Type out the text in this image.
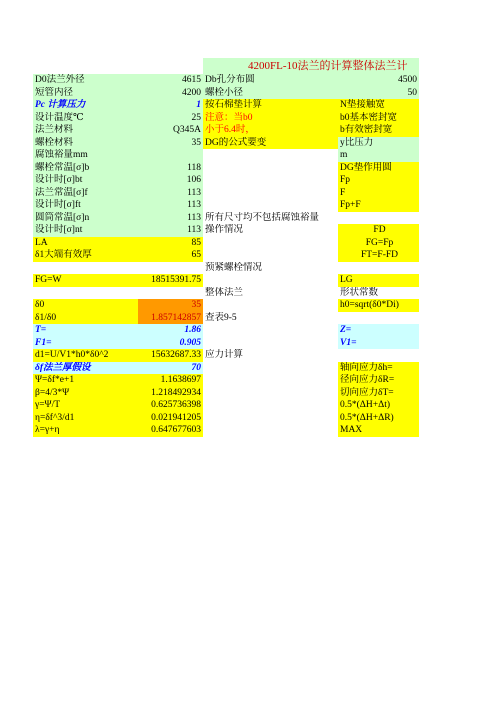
4200FL-10法兰的计算整体法兰计
D0法兰外径	4615 Db孔分布圆	4500
短管内径	4200 螺栓小径	50
Pc 计算压力	1 按石棉垫计算	N垫接触宽
设计温度℃	25 注意：当b0	b0基本密封宽
法兰材料	Q345A 小于6.4时，	b有效密封宽
螺栓材料	35 DG的公式要变	y比压力
腐蚀裕量mm	m
螺栓常温[σ]b	118	DG垫作用圆
设计时[σ]bt	106	Fp
法兰常温[σ]f	113	F
设计时[σ]ft	113	Fp+F
圆筒常温[σ]n	113 所有尺寸均不包括腐蚀裕量
设计时[σ]nt	113 操作情况	FD
LA	85	FG=Fp
δ1大端有效厚	65	FT=F-FD
预紧螺栓情况
FG=W	18515391.75	LG
整体法兰	形状常数
δ0	35	h0=sqrt(δ0*Di)
δ1/δ0	1.857142857 查表9-5
T=	1.86	Z=
F1=	0.905	V1=
d1=U/V1*h0*δ0^2	15632687.33 应力计算
δf法兰厚假设	70	轴向应力δh=
Ψ=δf*e+1	1.1638697	径向应力δR=
β=4/3*Ψ	1.218492934	切向应力δT=
γ=Ψ/T	0.625736398	0.5*(ΔH+Δt)
η=δf^3/d1	0.021941205	0.5*(ΔH+ΔR)
λ=γ+η	0.647677603	MAX
